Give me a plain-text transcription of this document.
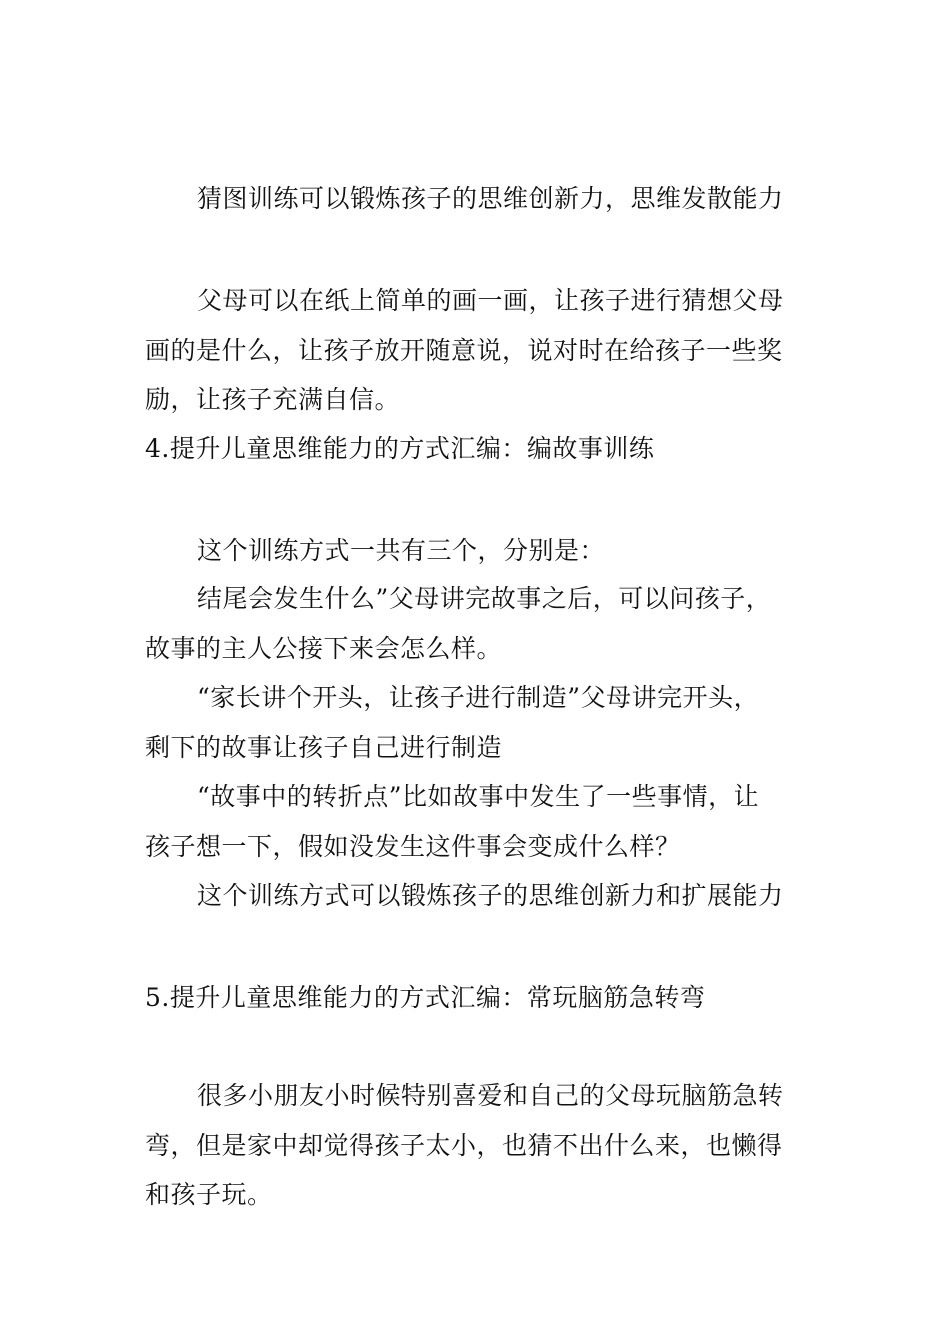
猜图训练可以锻炼孩子的思维创新力，思维发散能力
父母可以在纸上简单的画一画，让孩子进行猜想父母
画的是什么，让孩子放开随意说，说对时在给孩子一些奖
励，让孩子充满自信。
4.提升儿童思维能力的方式汇编：编故事训练
这个训练方式一共有三个，分别是：
结尾会发生什么”父母讲完故事之后，可以问孩子，
故事的主人公接下来会怎么样。
“家长讲个开头，让孩子进行制造”父母讲完开头，
剩下的故事让孩子自己进行制造
“故事中的转折点”比如故事中发生了一些事情，让
孩子想一下，假如没发生这件事会变成什么样？
这个训练方式可以锻炼孩子的思维创新力和扩展能力
5.提升儿童思维能力的方式汇编：常玩脑筋急转弯
很多小朋友小时候特别喜爱和自己的父母玩脑筋急转
弯，但是家中却觉得孩子太小，也猜不出什么来，也懒得
和孩子玩。
